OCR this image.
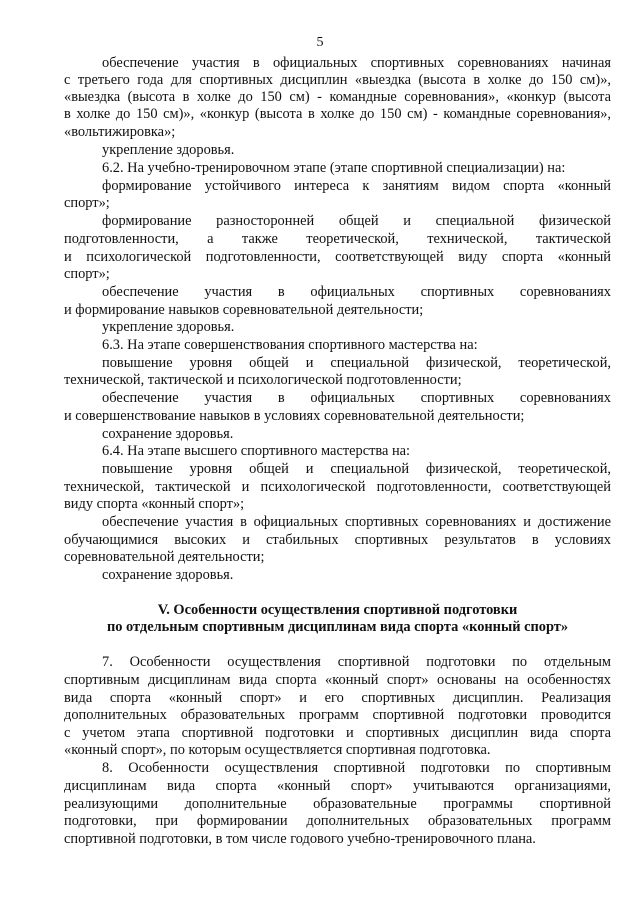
5
обеспечение участия в официальных спортивных соревнованиях начиная
с третьего года для спортивных дисциплин «выездка (высота в холке до 150 см)»,
«выездка (высота в холке до 150 см) - командные соревнования», «конкур (высота
в холке до 150 см)», «конкур (высота в холке до 150 см) - командные соревнования»,
«вольтижировка»;
укрепление здоровья.
6.2. На учебно-тренировочном этапе (этапе спортивной специализации) на:
формирование устойчивого интереса к занятиям видом спорта «конный
спорт»;
формирование разносторонней общей и специальной физической
подготовленности, а также теоретической, технической, тактической
и психологической подготовленности, соответствующей виду спорта «конный
спорт»;
обеспечение участия в официальных спортивных соревнованиях
и формирование навыков соревновательной деятельности;
укрепление здоровья.
6.3. На этапе совершенствования спортивного мастерства на:
повышение уровня общей и специальной физической, теоретической,
технической, тактической и психологической подготовленности;
обеспечение участия в официальных спортивных соревнованиях
и совершенствование навыков в условиях соревновательной деятельности;
сохранение здоровья.
6.4. На этапе высшего спортивного мастерства на:
повышение уровня общей и специальной физической, теоретической,
технической, тактической и психологической подготовленности, соответствующей
виду спорта «конный спорт»;
обеспечение участия в официальных спортивных соревнованиях и достижение
обучающимися высоких и стабильных спортивных результатов в условиях
соревновательной деятельности;
сохранение здоровья.
V. Особенности осуществления спортивной подготовки
по отдельным спортивным дисциплинам вида спорта «конный спорт»
7. Особенности осуществления спортивной подготовки по отдельным
спортивным дисциплинам вида спорта «конный спорт» основаны на особенностях
вида спорта «конный спорт» и его спортивных дисциплин. Реализация
дополнительных образовательных программ спортивной подготовки проводится
с учетом этапа спортивной подготовки и спортивных дисциплин вида спорта
«конный спорт», по которым осуществляется спортивная подготовка.
8. Особенности осуществления спортивной подготовки по спортивным
дисциплинам вида спорта «конный спорт» учитываются организациями,
реализующими дополнительные образовательные программы спортивной
подготовки, при формировании дополнительных образовательных программ
спортивной подготовки, в том числе годового учебно-тренировочного плана.
